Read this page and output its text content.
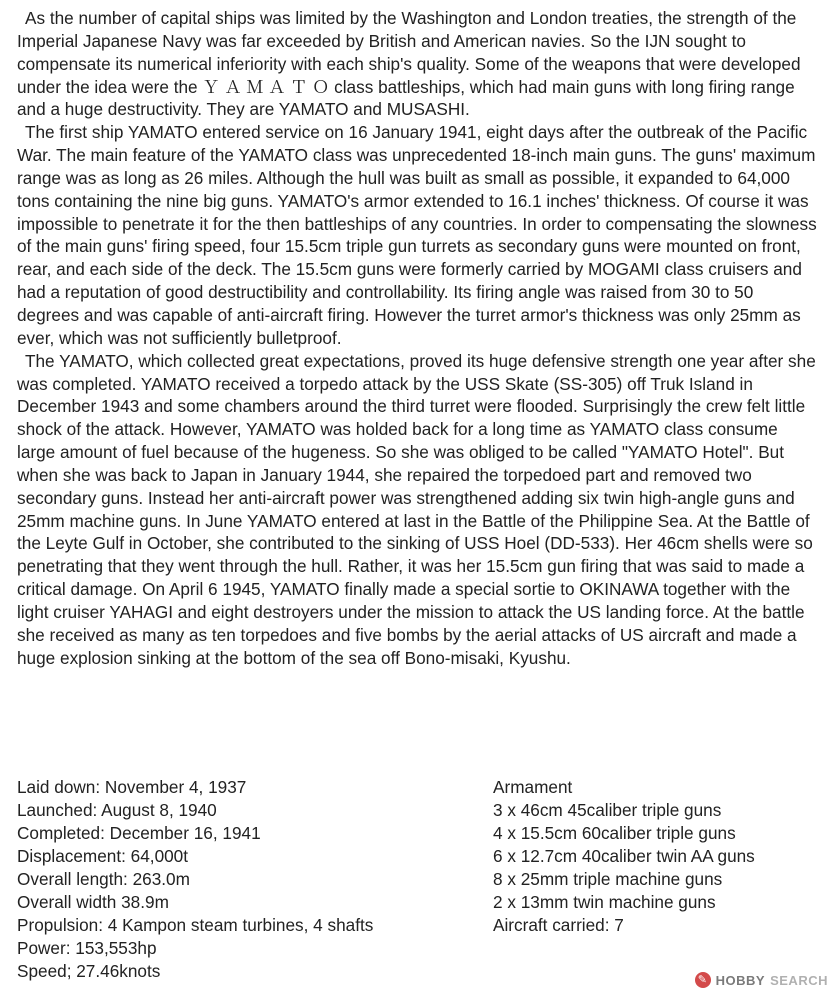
As the number of capital ships was limited by the Washington and London treaties, the strength of the Imperial Japanese Navy was far exceeded by British and American navies. So the IJN sought to compensate its numerical inferiority with each ship's quality. Some of the weapons that were developed under the idea were the Ｙ Ａ Ｍ Ａ Ｔ Ｏ class battleships, which had main guns with long firing range and a huge destructivity. They are YAMATO and MUSASHI.

The first ship YAMATO entered service on 16 January 1941, eight days after the outbreak of the Pacific War. The main feature of the YAMATO class was unprecedented 18-inch main guns. The guns' maximum range was as long as 26 miles. Although the hull was built as small as possible, it expanded to 64,000 tons containing the nine big guns. YAMATO's armor extended to 16.1 inches' thickness. Of course it was impossible to penetrate it for the then battleships of any countries. In order to compensating the slowness of the main guns' firing speed, four 15.5cm triple gun turrets as secondary guns were mounted on front, rear, and each side of the deck. The 15.5cm guns were formerly carried by MOGAMI class cruisers and had a reputation of good destructibility and controllability. Its firing angle was raised from 30 to 50 degrees and was capable of anti-aircraft firing. However the turret armor's thickness was only 25mm as ever, which was not sufficiently bulletproof.

The YAMATO, which collected great expectations, proved its huge defensive strength one year after she was completed. YAMATO received a torpedo attack by the USS Skate (SS-305) off Truk Island in December 1943 and some chambers around the third turret were flooded. Surprisingly the crew felt little shock of the attack. However, YAMATO was holded back for a long time as YAMATO class consume large amount of fuel because of the hugeness. So she was obliged to be called "YAMATO Hotel". But when she was back to Japan in January 1944, she repaired the torpedoed part and removed two secondary guns. Instead her anti-aircraft power was strengthened adding six twin high-angle guns and 25mm machine guns. In June YAMATO entered at last in the Battle of the Philippine Sea. At the Battle of the Leyte Gulf in October, she contributed to the sinking of USS Hoel (DD-533). Her 46cm shells were so penetrating that they went through the hull. Rather, it was her 15.5cm gun firing that was said to made a critical damage. On April 6 1945, YAMATO finally made a special sortie to OKINAWA together with the light cruiser YAHAGI and eight destroyers under the mission to attack the US landing force. At the battle she received as many as ten torpedoes and five bombs by the aerial attacks of US aircraft and made a huge explosion sinking at the bottom of the sea off Bono-misaki, Kyushu.

Laid down: November 4, 1937
Launched: August 8, 1940
Completed: December 16, 1941
Displacement: 64,000t
Overall length: 263.0m
Overall width 38.9m
Propulsion: 4 Kampon steam turbines, 4 shafts
Power: 153,553hp
Speed; 27.46knots
Armament
3 x 46cm 45caliber triple guns
4 x 15.5cm 60caliber triple guns
6 x 12.7cm 40caliber twin AA guns
8 x 25mm triple machine guns
2 x 13mm twin machine guns
Aircraft carried: 7
✎ HOBBY SEARCH
